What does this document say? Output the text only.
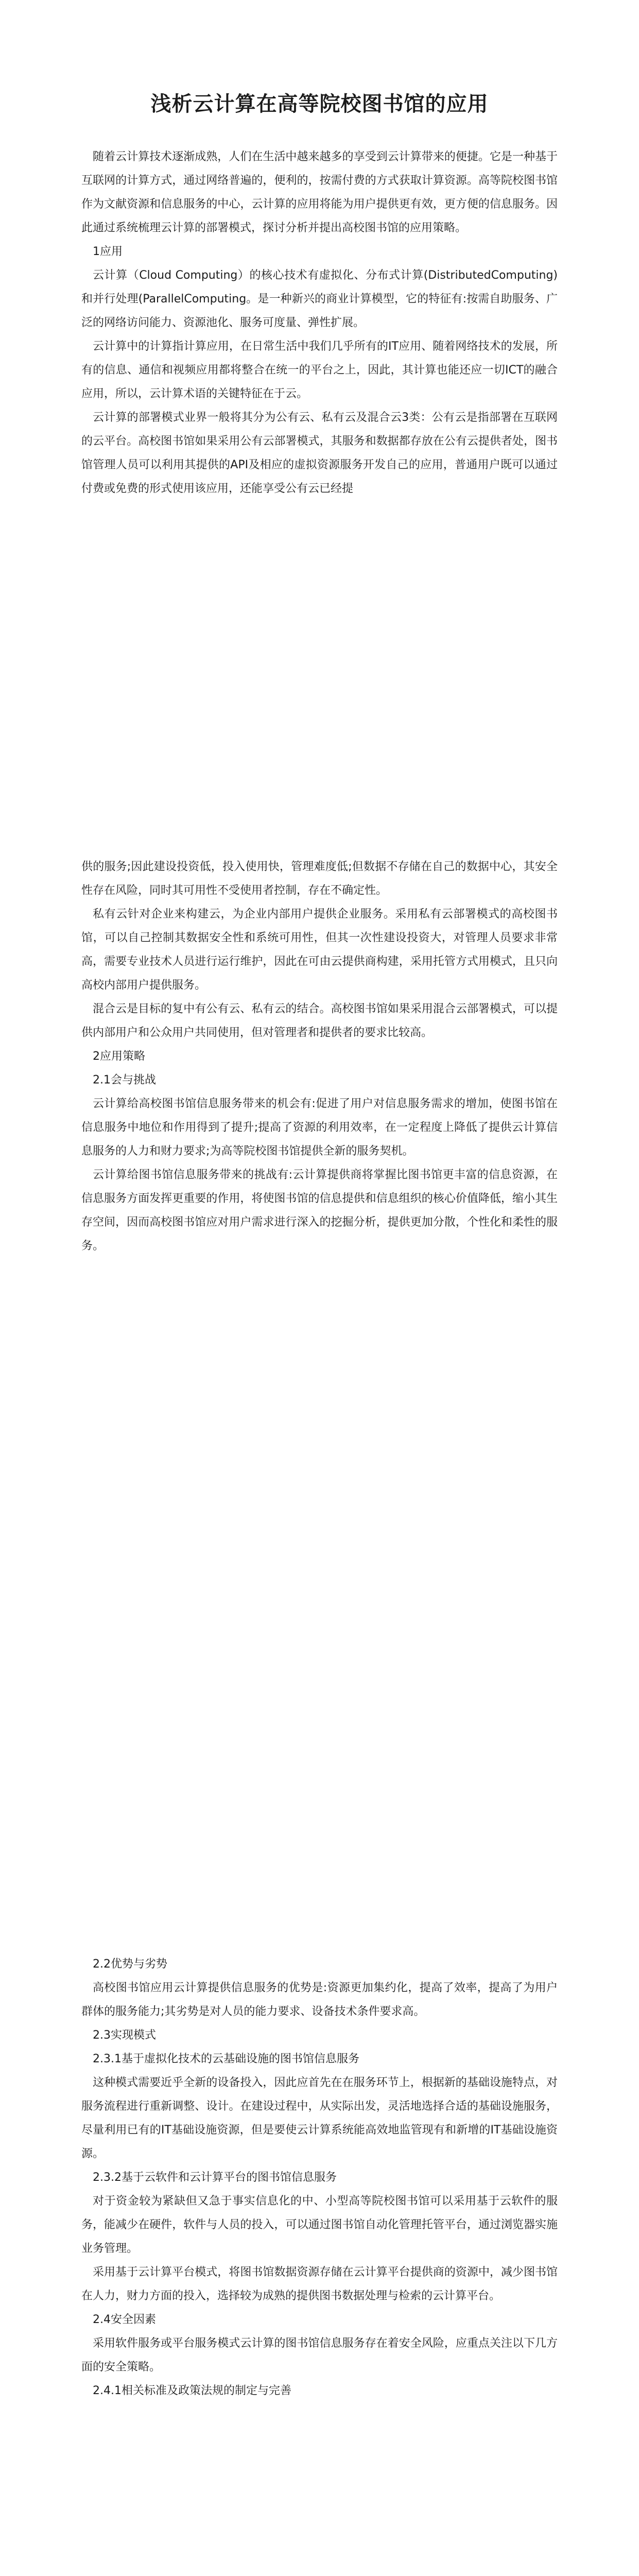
浅析云计算在高等院校图书馆的应用

随着云计算技术逐渐成熟，人们在生活中越来越多的享受到云计算带来的便捷。它是一种基于互联网的计算方式，通过网络普遍的，便利的，按需付费的方式获取计算资源。高等院校图书馆作为文献资源和信息服务的中心，云计算的应用将能为用户提供更有效，更方便的信息服务。因此通过系统梳理云计算的部署模式，探讨分析并提出高校图书馆的应用策略。

1应用

云计算（Cloud Computing）的核心技术有虚拟化、分布式计算(DistributedComputing)和并行处理(ParallelComputing。是一种新兴的商业计算模型，它的特征有:按需自助服务、广泛的网络访问能力、资源池化、服务可度量、弹性扩展。

云计算中的计算指计算应用，在日常生活中我们几乎所有的IT应用、随着网络技术的发展，所有的信息、通信和视频应用都将整合在统一的平台之上，因此，其计算也能还应一切ICT的融合应用，所以，云计算术语的关键特征在于云。

云计算的部署模式业界一般将其分为公有云、私有云及混合云3类：公有云是指部署在互联网的云平台。高校图书馆如果采用公有云部署模式，其服务和数据都存放在公有云提供者处，图书馆管理人员可以利用其提供的API及相应的虚拟资源服务开发自己的应用，普通用户既可以通过付费或免费的形式使用该应用，还能享受公有云已经提

供的服务;因此建设投资低，投入使用快，管理难度低;但数据不存储在自己的数据中心，其安全性存在风险，同时其可用性不受使用者控制，存在不确定性。

私有云针对企业来构建云，为企业内部用户提供企业服务。采用私有云部署模式的高校图书馆，可以自己控制其数据安全性和系统可用性，但其一次性建设投资大，对管理人员要求非常高，需要专业技术人员进行运行维护，因此在可由云提供商构建，采用托管方式用模式，且只向高校内部用户提供服务。

混合云是目标的复中有公有云、私有云的结合。高校图书馆如果采用混合云部署模式，可以提供内部用户和公众用户共同使用，但对管理者和提供者的要求比较高。

2应用策略

2.1会与挑战

云计算给高校图书馆信息服务带来的机会有:促进了用户对信息服务需求的增加，使图书馆在信息服务中地位和作用得到了提升;提高了资源的利用效率，在一定程度上降低了提供云计算信息服务的人力和财力要求;为高等院校图书馆提供全新的服务契机。

云计算给图书馆信息服务带来的挑战有:云计算提供商将掌握比图书馆更丰富的信息资源，在信息服务方面发挥更重要的作用，将使图书馆的信息提供和信息组织的核心价值降低，缩小其生存空间，因而高校图书馆应对用户需求进行深入的挖掘分析，提供更加分散，个性化和柔性的服务。

2.2优势与劣势

高校图书馆应用云计算提供信息服务的优势是:资源更加集约化，提高了效率，提高了为用户群体的服务能力;其劣势是对人员的能力要求、设备技术条件要求高。

2.3实现模式

2.3.1基于虚拟化技术的云基础设施的图书馆信息服务

这种模式需要近乎全新的设备投入，因此应首先在在服务环节上，根据新的基础设施特点，对服务流程进行重新调整、设计。在建设过程中，从实际出发，灵活地选择合适的基础设施服务，尽量利用已有的IT基础设施资源，但是要使云计算系统能高效地监管现有和新增的IT基础设施资源。

2.3.2基于云软件和云计算平台的图书馆信息服务

对于资金较为紧缺但又急于事实信息化的中、小型高等院校图书馆可以采用基于云软件的服务，能减少在硬件，软件与人员的投入，可以通过图书馆自动化管理托管平台，通过浏览器实施业务管理。

采用基于云计算平台模式，将图书馆数据资源存储在云计算平台提供商的资源中，减少图书馆在人力，财力方面的投入，选择较为成熟的提供图书数据处理与检索的云计算平台。

2.4安全因素

采用软件服务或平台服务模式云计算的图书馆信息服务存在着安全风险，应重点关注以下几方面的安全策略。

2.4.1相关标准及政策法规的制定与完善
